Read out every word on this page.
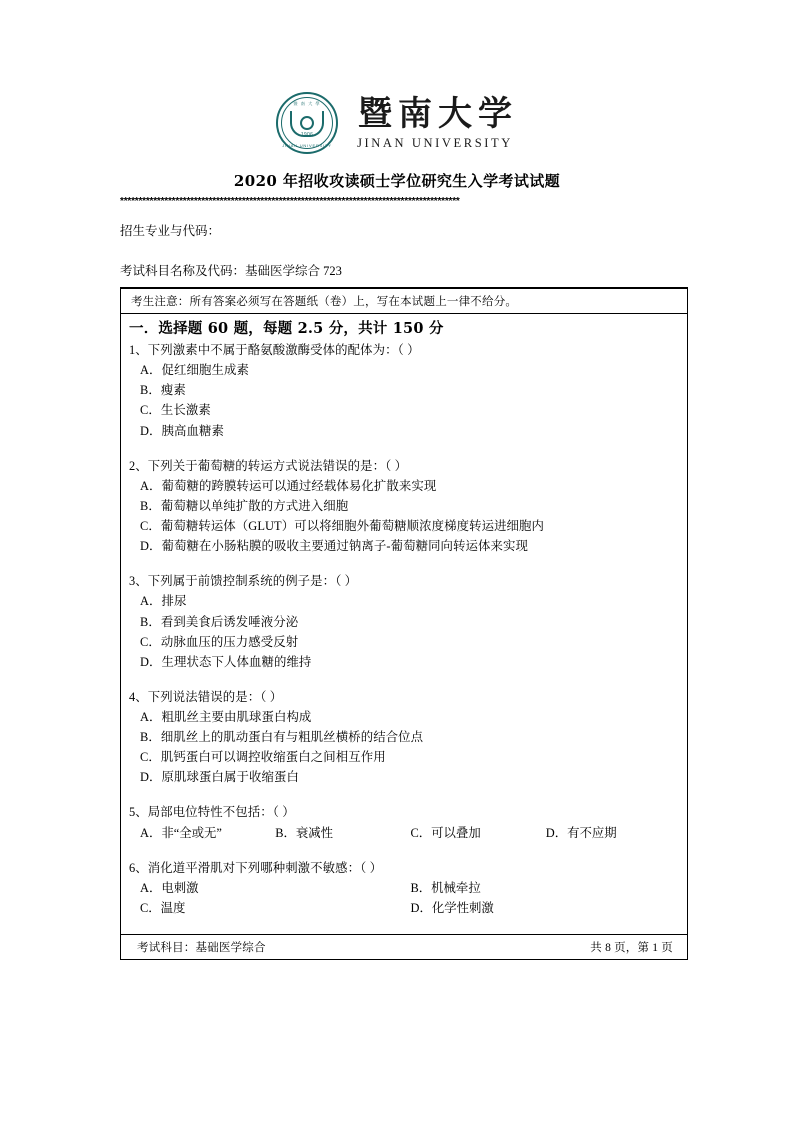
暨 南 大 學
1906
JINAN UNIVERSITY
暨南大学
JINAN UNIVERSITY
2020 年招收攻读硕士学位研究生入学考试试题
********************************************************************************************
招生专业与代码：
考试科目名称及代码：基础医学综合 723
考生注意：所有答案必须写在答题纸（卷）上，写在本试题上一律不给分。
一．选择题 60 题，每题 2.5 分，共计 150 分
1、下列激素中不属于酪氨酸激酶受体的配体为：（ ）
A．促红细胞生成素
B．瘦素
C．生长激素
D．胰高血糖素
2、下列关于葡萄糖的转运方式说法错误的是：（ ）
A．葡萄糖的跨膜转运可以通过经载体易化扩散来实现
B．葡萄糖以单纯扩散的方式进入细胞
C．葡萄糖转运体（GLUT）可以将细胞外葡萄糖顺浓度梯度转运进细胞内
D．葡萄糖在小肠粘膜的吸收主要通过钠离子-葡萄糖同向转运体来实现
3、下列属于前馈控制系统的例子是：（ ）
A．排尿
B．看到美食后诱发唾液分泌
C．动脉血压的压力感受反射
D．生理状态下人体血糖的维持
4、下列说法错误的是：（ ）
A．粗肌丝主要由肌球蛋白构成
B．细肌丝上的肌动蛋白有与粗肌丝横桥的结合位点
C．肌钙蛋白可以调控收缩蛋白之间相互作用
D．原肌球蛋白属于收缩蛋白
5、局部电位特性不包括：（ ）
A．非“全或无”	B．衰减性	C．可以叠加	D．有不应期
6、消化道平滑肌对下列哪种刺激不敏感：（ ）
A．电刺激	B．机械牵拉
C．温度	D．化学性刺激
考试科目：基础医学综合	共 8 页，第 1 页
